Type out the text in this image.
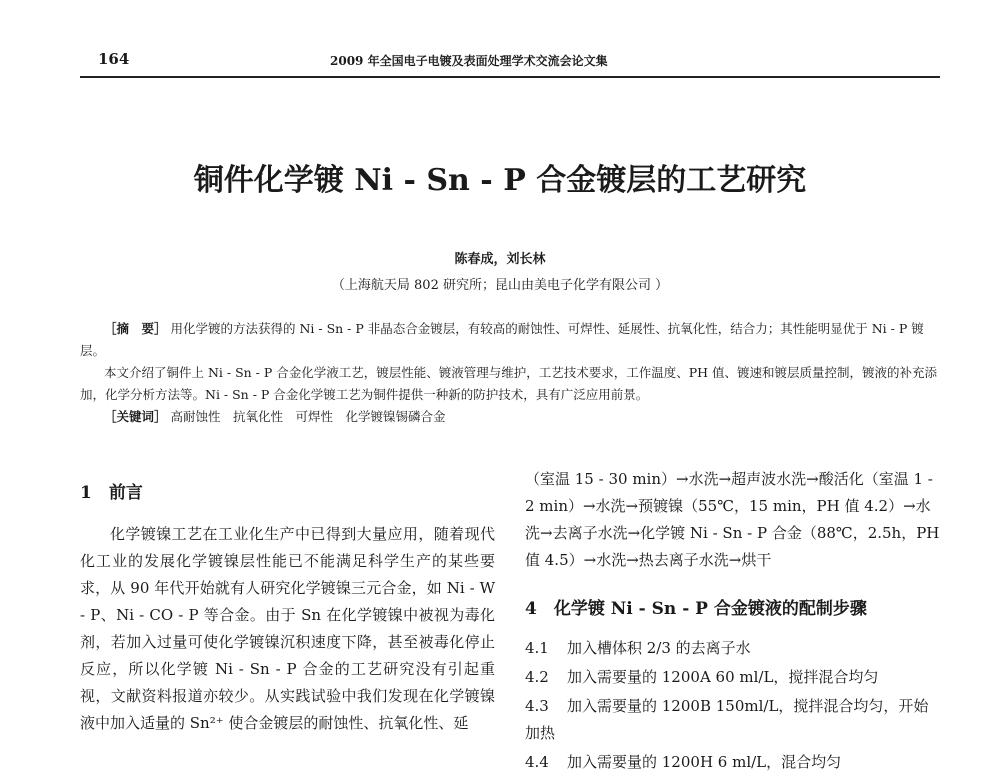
164	2009 年全国电子电镀及表面处理学术交流会论文集
铜件化学镀 Ni - Sn - P 合金镀层的工艺研究
陈春成，刘长林
（上海航天局 802 研究所；昆山由美电子化学有限公司 ）

［摘　要］ 用化学镀的方法获得的 Ni - Sn - P 非晶态合金镀层，有较高的耐蚀性、可焊性、延展性、抗氧化性，结合力；其性能明显优于 Ni - P 镀层。

本文介绍了铜件上 Ni - Sn - P 合金化学液工艺，镀层性能、镀液管理与维护，工艺技术要求，工作温度、PH 值、镀速和镀层质量控制，镀液的补充添加，化学分析方法等。Ni - Sn - P 合金化学镀工艺为铜件提供一种新的防护技术，具有广泛应用前景。

［关键词］ 高耐蚀性　抗氧化性　可焊性　化学镀镍锡磷合金

1　前言

化学镀镍工艺在工业化生产中已得到大量应用，随着现代化工业的发展化学镀镍层性能已不能满足科学生产的某些要求，从 90 年代开始就有人研究化学镀镍三元合金，如 Ni - W - P、Ni - CO - P 等合金。由于 Sn 在化学镀镍中被视为毒化剂，若加入过量可使化学镀镍沉积速度下降，甚至被毒化停止反应，所以化学镀 Ni - Sn - P 合金的工艺研究没有引起重视，文献资料报道亦较少。从实践试验中我们发现在化学镀镍液中加入适量的 Sn²⁺ 使合金镀层的耐蚀性、抗氧化性、延

（室温 15 - 30 min）→水洗→超声波水洗→酸活化（室温 1 - 2 min）→水洗→预镀镍（55℃，15 min，PH 值 4.2）→水洗→去离子水洗→化学镀 Ni - Sn - P 合金（88℃，2.5h，PH 值 4.5）→水洗→热去离子水洗→烘干

4　化学镀 Ni - Sn - P 合金镀液的配制步骤
4.1 加入槽体积 2/3 的去离子水
4.2 加入需要量的 1200A 60 ml/L，搅拌混合均匀
4.3 加入需要量的 1200B 150ml/L，搅拌混合均匀，开始加热
4.4 加入需要量的 1200H 6 ml/L，混合均匀
